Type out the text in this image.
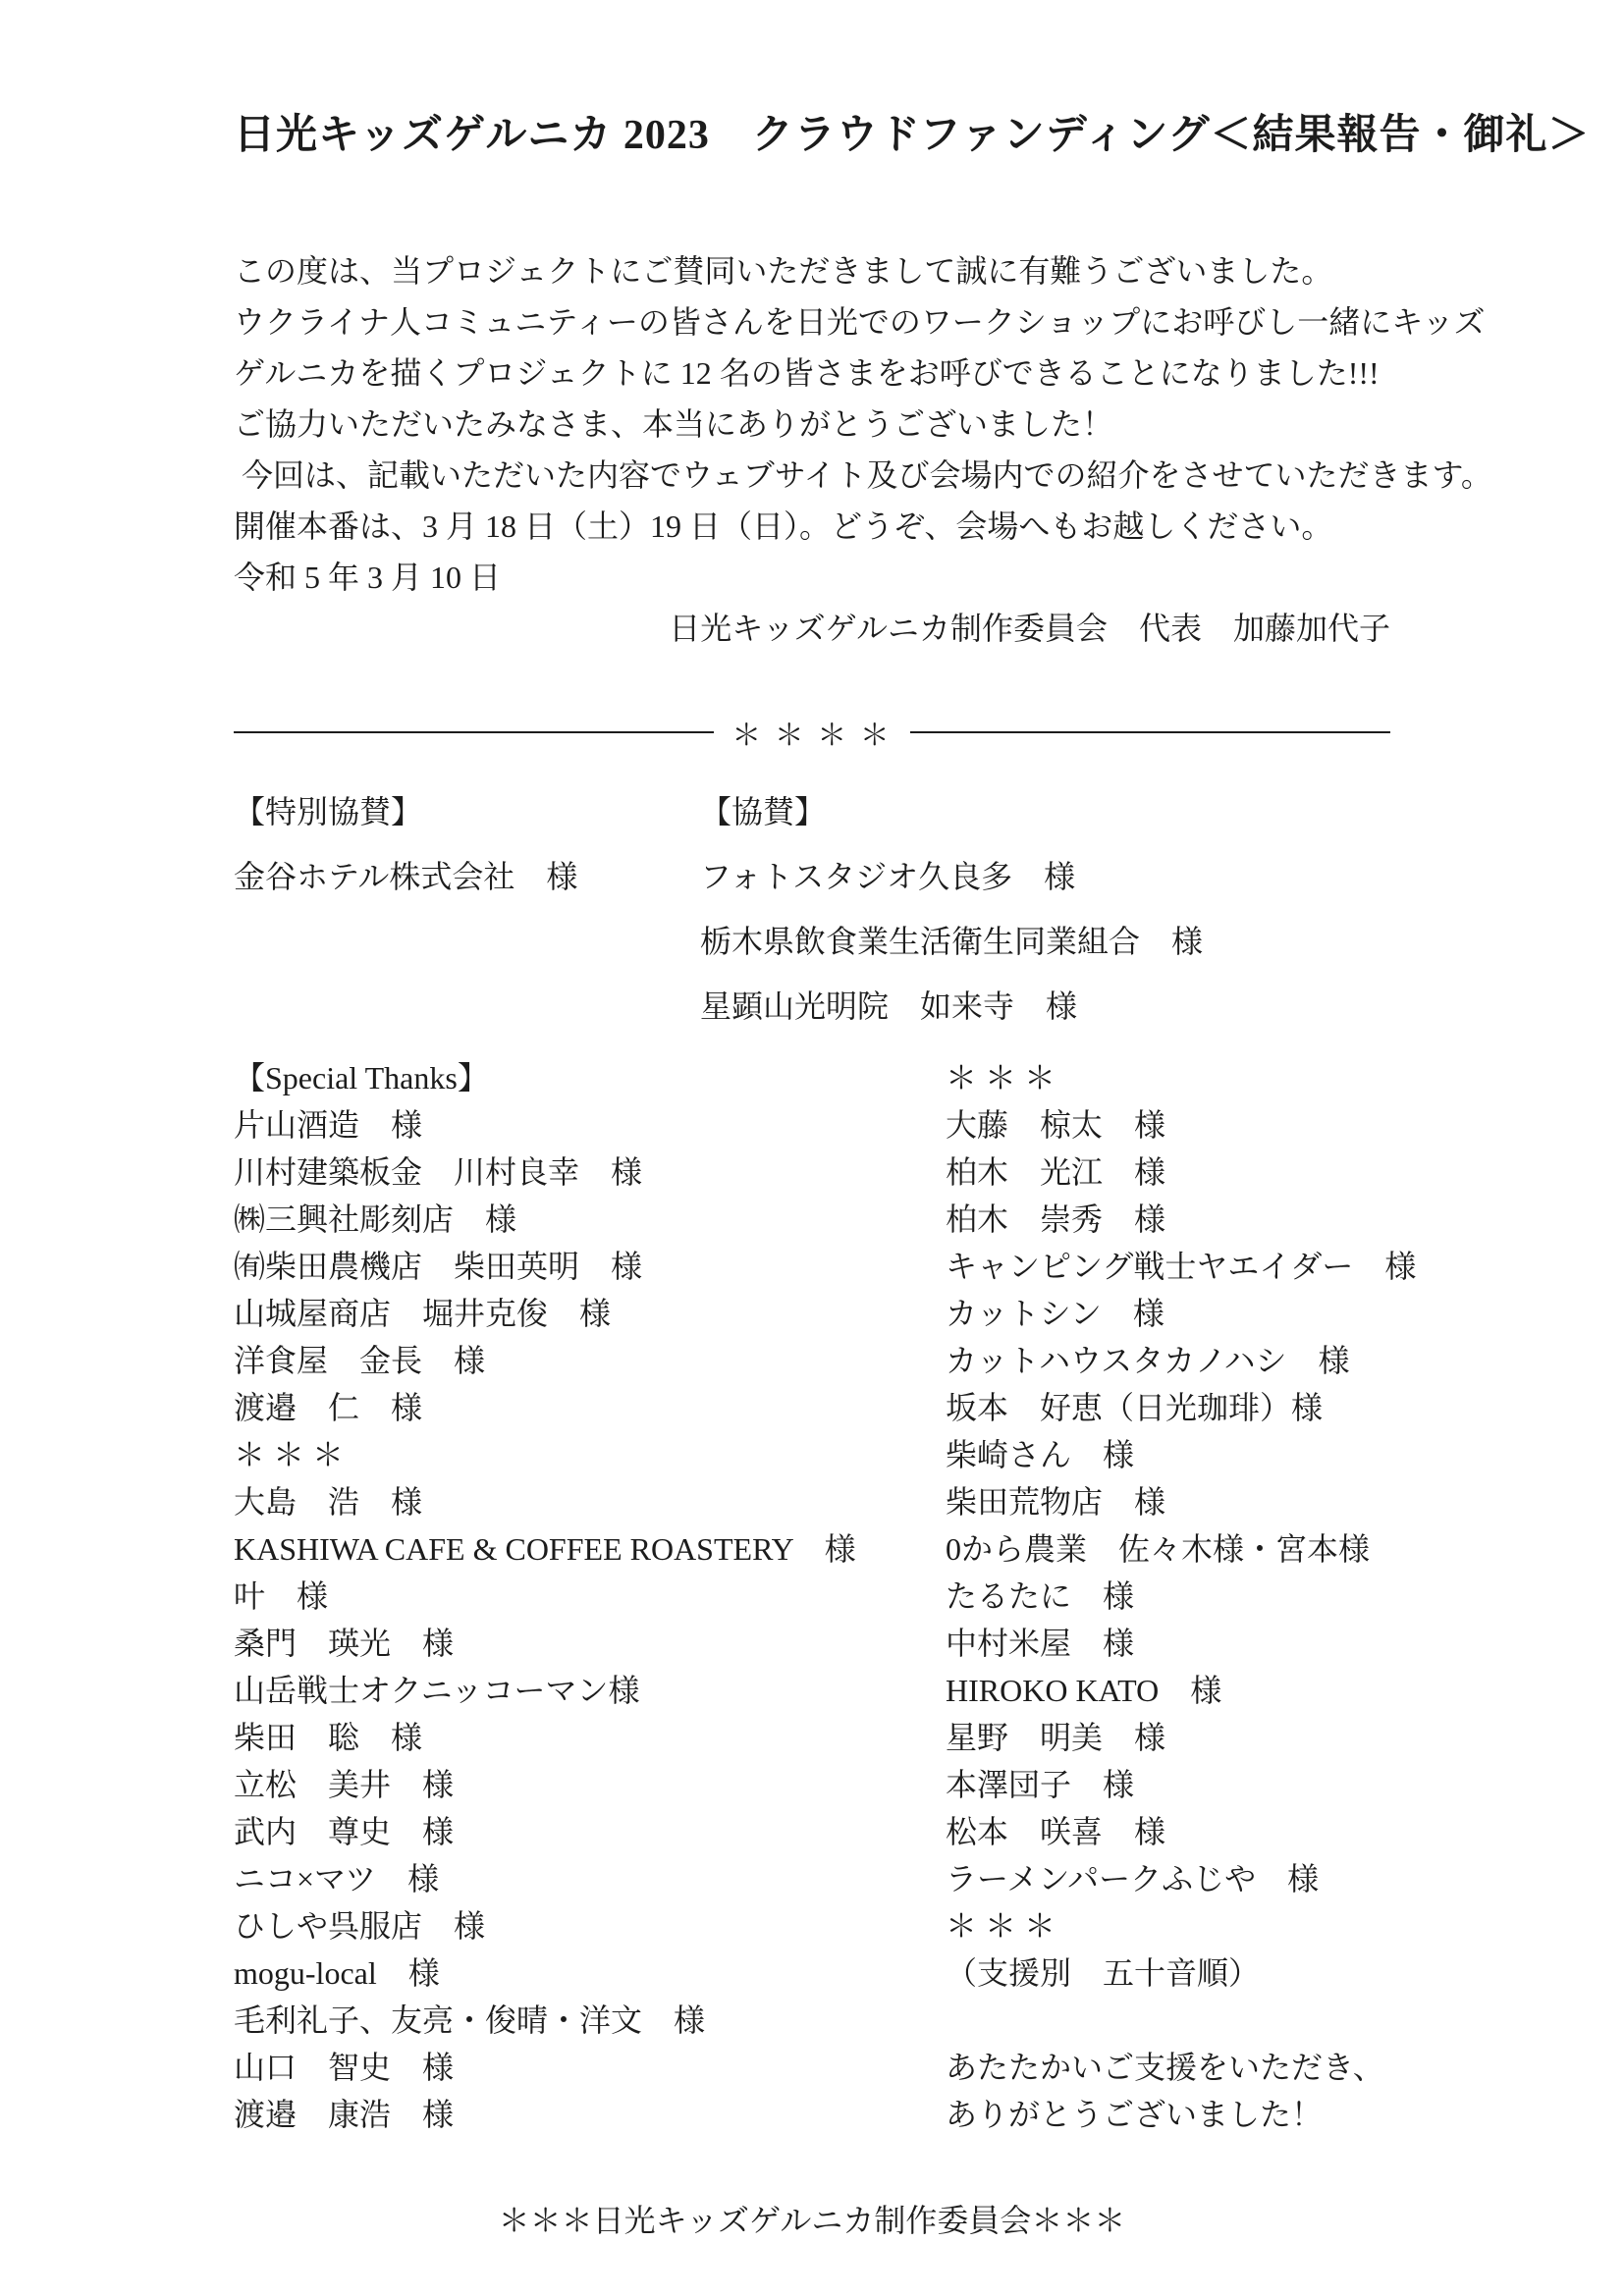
日光キッズゲルニカ 2023　クラウドファンディング＜結果報告・御礼＞
この度は、当プロジェクトにご賛同いただきまして誠に有難うございました。
ウクライナ人コミュニティーの皆さんを日光でのワークショップにお呼びし一緒にキッズ
ゲルニカを描くプロジェクトに 12 名の皆さまをお呼びできることになりました!!!
ご協力いただいたみなさま、本当にありがとうございました！
今回は、記載いただいた内容でウェブサイト及び会場内での紹介をさせていただきます。
開催本番は、3 月 18 日（土）19 日（日）。どうぞ、会場へもお越しください。
令和 5 年 3 月 10 日
日光キッズゲルニカ制作委員会　代表　加藤加代子
＊ ＊ ＊ ＊
【特別協賛】
金谷ホテル株式会社　様
【協賛】
フォトスタジオ久良多　様
栃木県飲食業生活衛生同業組合　様
星顕山光明院　如来寺　様
【Special Thanks】
片山酒造　様
川村建築板金　川村良幸　様
㈱三興社彫刻店　様
㈲柴田農機店　柴田英明　様
山城屋商店　堀井克俊　様
洋食屋　金長　様
渡邉　仁　様
＊ ＊ ＊
大島　浩　様
KASHIWA CAFE & COFFEE ROASTERY　様
叶　様
桑門　瑛光　様
山岳戦士オクニッコーマン様
柴田　聡　様
立松　美井　様
武内　尊史　様
ニコ×マツ　様
ひしや呉服店　様
mogu-local　様
毛利礼子、友亮・俊晴・洋文　様
山口　智史　様
渡邉　康浩　様
＊ ＊ ＊
大藤　椋太　様
柏木　光江　様
柏木　崇秀　様
キャンピング戦士ヤエイダー　様
カットシン　様
カットハウスタカノハシ　様
坂本　好恵（日光珈琲）様
柴崎さん　様
柴田荒物店　様
0から農業　佐々木様・宮本様
たるたに　様
中村米屋　様
HIROKO KATO　様
星野　明美　様
本澤団子　様
松本　咲喜　様
ラーメンパークふじや　様
＊ ＊ ＊
（支援別　五十音順）
あたたかいご支援をいただき、
ありがとうございました！
＊＊＊日光キッズゲルニカ制作委員会＊＊＊
